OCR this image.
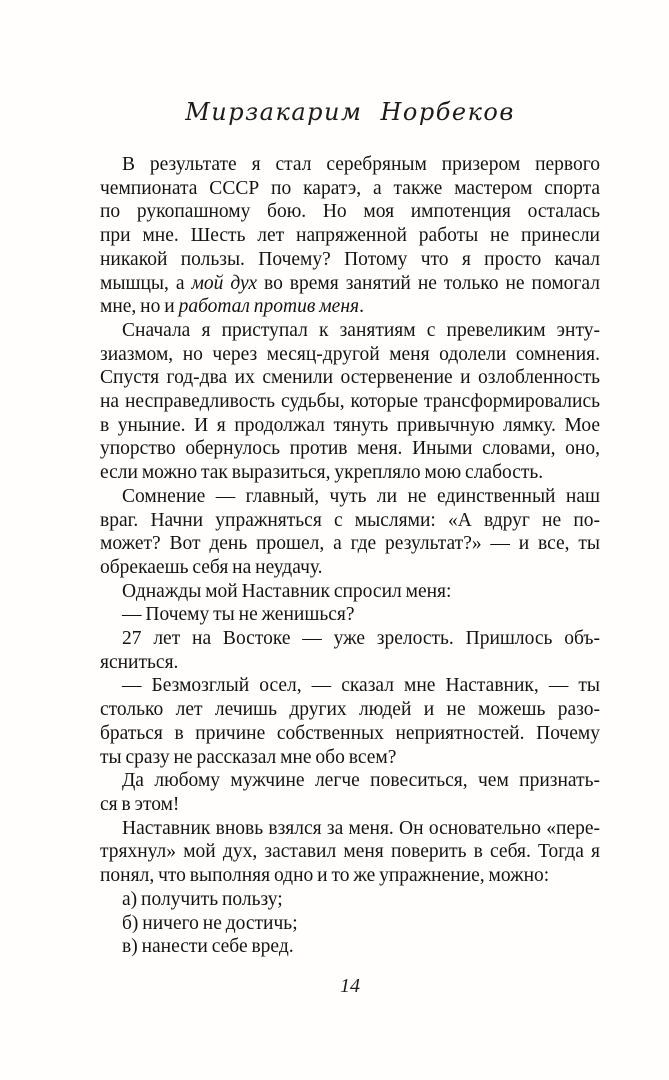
Мирзакарим Норбеков
В результате я стал серебряным призером первого
чемпионата СССР по каратэ, а также мастером спорта
по рукопашному бою. Но моя импотенция осталась
при мне. Шесть лет напряженной работы не принесли
никакой пользы. Почему? Потому что я просто качал
мышцы, а мой дух во время занятий не только не помогал
мне, но и работал против меня.
Сначала я приступал к занятиям с превеликим энту-
зиазмом, но через месяц-другой меня одолели сомнения.
Спустя год-два их сменили остервенение и озлобленность
на несправедливость судьбы, которые трансформировались
в уныние. И я продолжал тянуть привычную лямку. Мое
упорство обернулось против меня. Иными словами, оно,
если можно так выразиться, укрепляло мою слабость.
Сомнение — главный, чуть ли не единственный наш
враг. Начни упражняться с мыслями: «А вдруг не по-
может? Вот день прошел, а где результат?» — и все, ты
обрекаешь себя на неудачу.
Однажды мой Наставник спросил меня:
— Почему ты не женишься?
27 лет на Востоке — уже зрелость. Пришлось объ-
ясниться.
— Безмозглый осел, — сказал мне Наставник, — ты
столько лет лечишь других людей и не можешь разо-
браться в причине собственных неприятностей. Почему
ты сразу не рассказал мне обо всем?
Да любому мужчине легче повеситься, чем признать-
ся в этом!
Наставник вновь взялся за меня. Он основательно «пере-
тряхнул» мой дух, заставил меня поверить в себя. Тогда я
понял, что выполняя одно и то же упражнение, можно:
а) получить пользу;
б) ничего не достичь;
в) нанести себе вред.
14
